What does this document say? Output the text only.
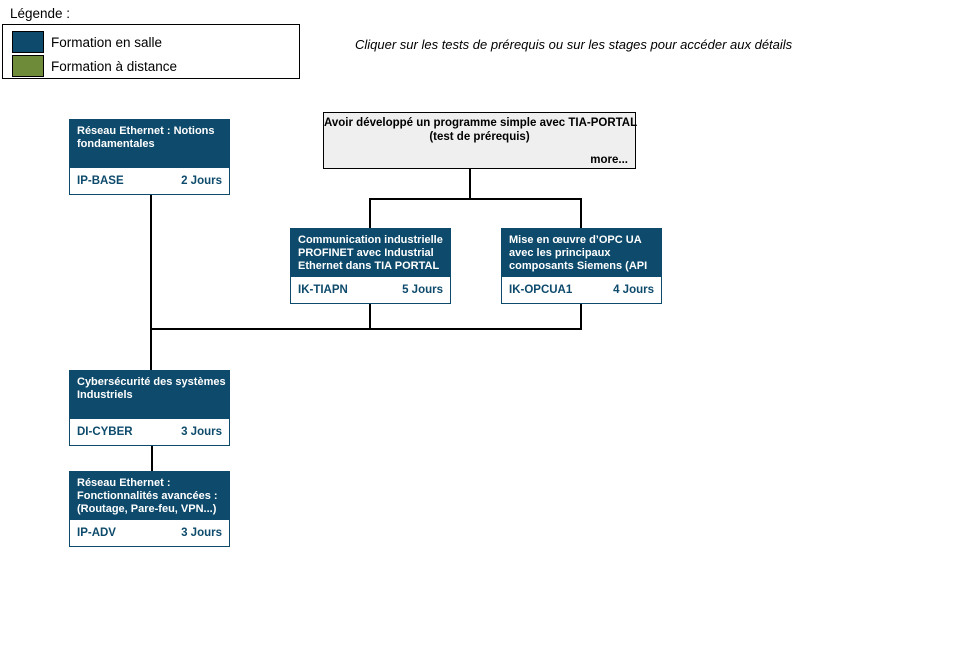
Légende :
Formation en salle
Formation à distance
Cliquer sur les tests de prérequis ou sur les stages pour accéder aux détails
Avoir développé un programme simple avec TIA-PORTAL
(test de prérequis)
more...
Réseau Ethernet : Notions
fondamentales
IP-BASE	2 Jours
Communication industrielle
PROFINET avec Industrial
Ethernet dans TIA PORTAL
IK-TIAPN	5 Jours
Mise en œuvre d’OPC UA
avec les principaux
composants Siemens (API
IK-OPCUA1	4 Jours
Cybersécurité des systèmes
Industriels
DI-CYBER	3 Jours
Réseau Ethernet :
Fonctionnalités avancées :
(Routage, Pare-feu, VPN...)
IP-ADV	3 Jours
